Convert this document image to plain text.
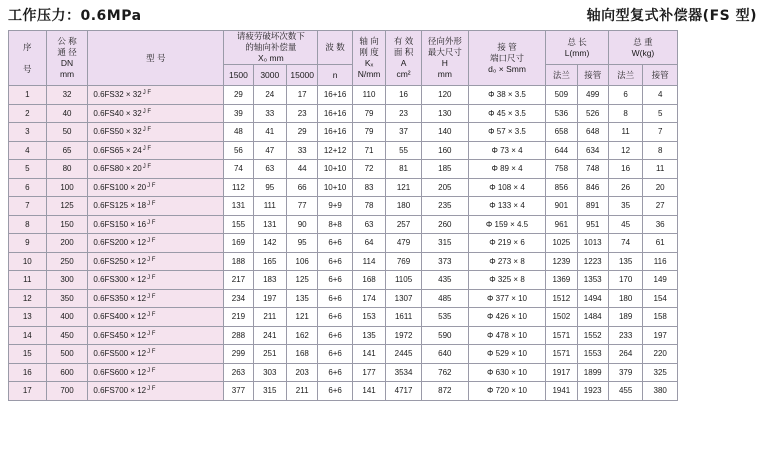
工作压力：0.6MPa	轴向型复式补偿器(FS 型)
序

号	公 称
通 径
DN
mm	型 号	请疲劳破坏次数下
的轴向补偿量
X₀ mm			波 数	轴 向
刚 度
Kₓ
N/mm	有 效
面 积
A
cm²	径向外形
最大尺寸
H
mm	接 管
端口尺寸
d₀ × Smm	总 长
L(mm)		总 重
W(kg)	

			1500	3000	15000	n					法兰	接管	法兰	接管
1	32	$0.6FS32 \times 32^{J F}$	29	24	17	16+16	110	16	120	Φ 38 × 3.5	509	499	6	4
2	40	$0.6FS40 \times 32^{J F}$	39	33	23	16+16	79	23	130	Φ 45 × 3.5	536	526	8	5
3	50	$0.6FS50 \times 32^{J F}$	48	41	29	16+16	79	37	140	Φ 57 × 3.5	658	648	11	7
4	65	$0.6FS65 \times 24^{J F}$	56	47	33	12+12	71	55	160	Φ 73 × 4	644	634	12	8
5	80	$0.6FS80 \times 20^{J F}$	74	63	44	10+10	72	81	185	Φ 89 × 4	758	748	16	11
6	100	$0.6FS100 \times 20^{J F}$	112	95	66	10+10	83	121	205	Φ 108 × 4	856	846	26	20
7	125	$0.6FS125 \times 18^{J F}$	131	111	77	9+9	78	180	235	Φ 133 × 4	901	891	35	27
8	150	$0.6FS150 \times 16^{J F}$	155	131	90	8+8	63	257	260	Φ 159 × 4.5	961	951	45	36
9	200	$0.6FS200 \times 12^{J F}$	169	142	95	6+6	64	479	315	Φ 219 × 6	1025	1013	74	61
10	250	$0.6FS250 \times 12^{J F}$	188	165	106	6+6	114	769	373	Φ 273 × 8	1239	1223	135	116
11	300	$0.6FS300 \times 12^{J F}$	217	183	125	6+6	168	1105	435	Φ 325 × 8	1369	1353	170	149
12	350	$0.6FS350 \times 12^{J F}$	234	197	135	6+6	174	1307	485	Φ 377 × 10	1512	1494	180	154
13	400	$0.6FS400 \times 12^{J F}$	219	211	121	6+6	153	1611	535	Φ 426 × 10	1502	1484	189	158
14	450	$0.6FS450 \times 12^{J F}$	288	241	162	6+6	135	1972	590	Φ 478 × 10	1571	1552	233	197
15	500	$0.6FS500 \times 12^{J F}$	299	251	168	6+6	141	2445	640	Φ 529 × 10	1571	1553	264	220
16	600	$0.6FS600 \times 12^{J F}$	263	303	203	6+6	177	3534	762	Φ 630 × 10	1917	1899	379	325
17	700	$0.6FS700 \times 12^{J F}$	377	315	211	6+6	141	4717	872	Φ 720 × 10	1941	1923	455	380
